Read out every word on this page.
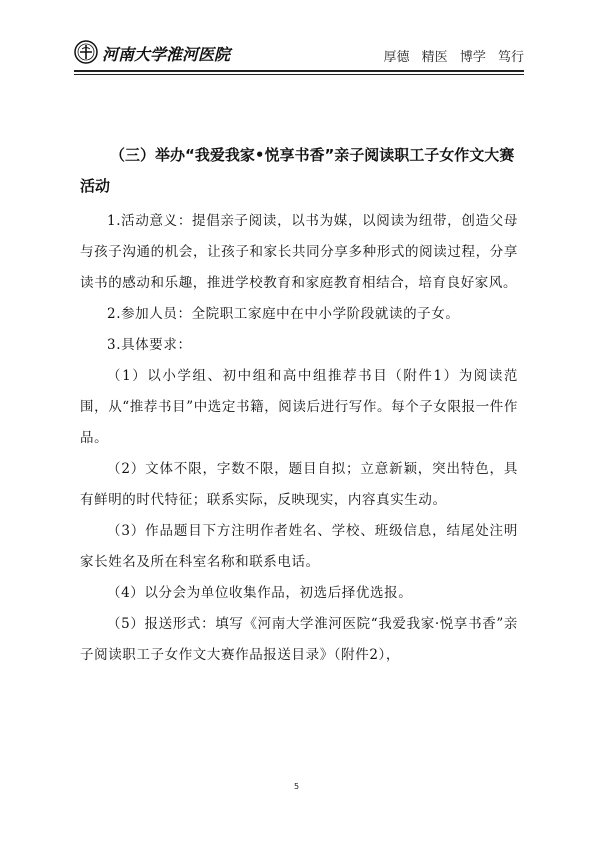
河南大学淮河医院	厚德 精医 博学 笃行
（三）举办“我爱我家•悦享书香”亲子阅读职工子女作文大赛活动

1.活动意义：提倡亲子阅读，以书为媒，以阅读为纽带，创造父母与孩子沟通的机会，让孩子和家长共同分享多种形式的阅读过程，分享读书的感动和乐趣，推进学校教育和家庭教育相结合，培育良好家风。

2.参加人员：全院职工家庭中在中小学阶段就读的子女。

3.具体要求：

（1）以小学组、初中组和高中组推荐书目（附件1）为阅读范围，从“推荐书目”中选定书籍，阅读后进行写作。每个子女限报一件作品。

（2）文体不限，字数不限，题目自拟；立意新颖，突出特色，具有鲜明的时代特征；联系实际，反映现实，内容真实生动。

（3）作品题目下方注明作者姓名、学校、班级信息，结尾处注明家长姓名及所在科室名称和联系电话。

（4）以分会为单位收集作品，初选后择优选报。

（5）报送形式：填写《河南大学淮河医院“我爱我家·悦享书香”亲子阅读职工子女作文大赛作品报送目录》（附件2），

5
